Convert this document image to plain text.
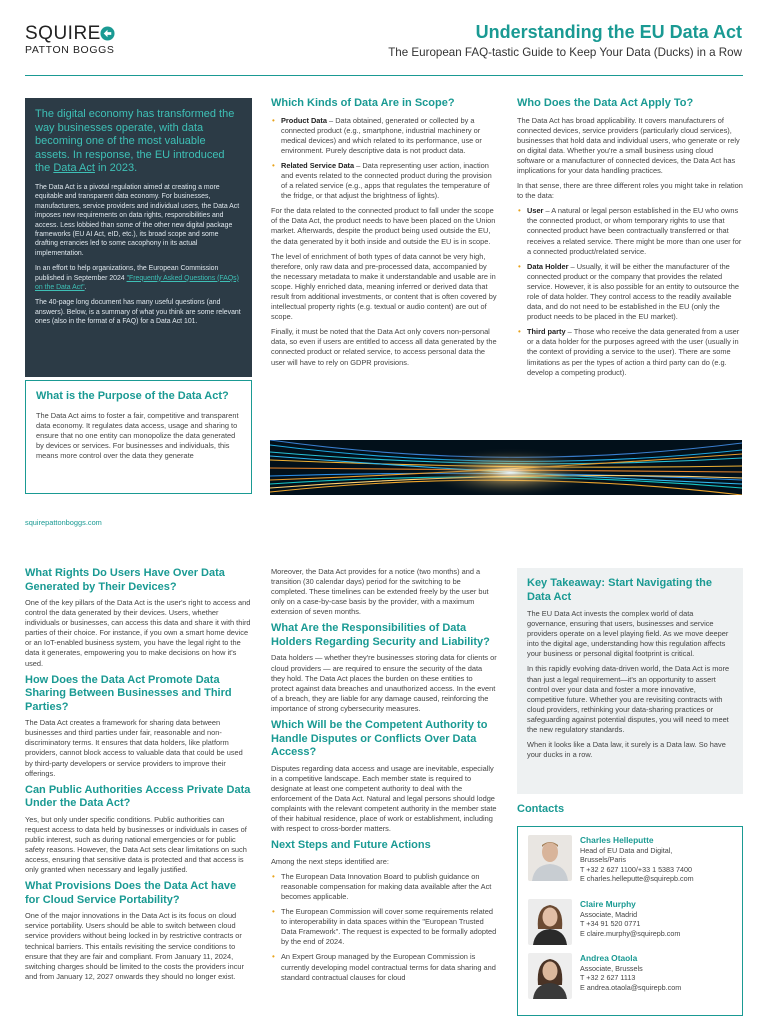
SQUIRE
PATTON BOGGS
Understanding the EU Data Act
The European FAQ-tastic Guide to Keep Your Data (Ducks) in a Row
The digital economy has transformed the way businesses operate, with data becoming one of the most valuable assets. In response, the EU introduced the Data Act in 2023.
The Data Act is a pivotal regulation aimed at creating a more equitable and transparent data economy. For businesses, manufacturers, service providers and individual users, the Data Act imposes new requirements on data rights, responsibilities and access. Less lobbied than some of the other new digital package frameworks (EU AI Act, eID, etc.), its broad scope and some drafting errancies led to some cacophony in its actual implementation.
In an effort to help organizations, the European Commission published in September 2024 "Frequently Asked Questions (FAQs) on the Data Act".
The 40-page long document has many useful questions (and answers). Below, is a summary of what you think are some relevant ones (also in the format of a FAQ) for a Data Act 101.
What is the Purpose of the Data Act?
The Data Act aims to foster a fair, competitive and transparent data economy. It regulates data access, usage and sharing to ensure that no one entity can monopolize the data generated by devices or services. For businesses and individuals, this means more control over the data they generate
squirepattonboggs.com
Which Kinds of Data Are in Scope?
• Product Data – Data obtained, generated or collected by a connected product (e.g., smartphone, industrial machinery or medical devices) and which related to its performance, use or environment. Purely descriptive data is not product data.
• Related Service Data – Data representing user action, inaction and events related to the connected product during the provision of a related service (e.g., apps that regulates the temperature of the fridge, or that adjust the brightness of lights).

For the data related to the connected product to fall under the scope of the Data Act, the product needs to have been placed on the Union market. Afterwards, despite the product being used outside the EU, the data generated by it both inside and outside the EU is in scope.

The level of enrichment of both types of data cannot be very high, therefore, only raw data and pre-processed data, accompanied by the necessary metadata to make it understandable and usable are in scope. Highly enriched data, meaning inferred or derived data that result from additional investments, or content that is often covered by intellectual property rights (e.g. textual or audio content) are out of scope.

Finally, it must be noted that the Data Act only covers non-personal data, so even if users are entitled to access all data generated by the connected product or related service, to access personal data the user will have to rely on GDPR provisions.

Who Does the Data Act Apply To?

The Data Act has broad applicability. It covers manufacturers of connected devices, service providers (particularly cloud services), businesses that hold data and individual users, who generate or rely on digital data. Whether you're a small business using cloud software or a manufacturer of connected devices, the Data Act has implications for your data handling practices.

In that sense, there are three different roles you might take in relation to the data:

• User – A natural or legal person established in the EU who owns the connected product, or whom temporary rights to use that connected product have been contractually transferred or that receives a related service. There might be more than one user for a connected product/related service.
• Data Holder – Usually, it will be either the manufacturer of the connected product or the company that provides the related service. However, it is also possible for an entity to outsource the role of data holder. They control access to the readily available data, and do not need to be established in the EU (only the product needs to be placed in the EU market).
• Third party – Those who receive the data generated from a user or a data holder for the purposes agreed with the user (usually in the context of providing a service to the user). There are some limitations as per the types of action a third party can do (e.g. develop a competing product).
What Rights Do Users Have Over Data Generated by Their Devices?
One of the key pillars of the Data Act is the user's right to access and control the data generated by their devices. Users, whether individuals or businesses, can access this data and share it with third parties of their choice. For instance, if you own a smart home device or an IoT-enabled business system, you have the legal right to the data it generates, empowering you to make decisions on how it's used.
How Does the Data Act Promote Data Sharing Between Businesses and Third Parties?
The Data Act creates a framework for sharing data between businesses and third parties under fair, reasonable and non-discriminatory terms. It ensures that data holders, like platform providers, cannot block access to valuable data that could be used by third-party developers or service providers to improve their offerings.
Can Public Authorities Access Private Data Under the Data Act?
Yes, but only under specific conditions. Public authorities can request access to data held by businesses or individuals in cases of public interest, such as during national emergencies or for public safety reasons. However, the Data Act sets clear limitations on such access, ensuring that sensitive data is protected and that access is only granted when necessary and legally justified.
What Provisions Does the Data Act have for Cloud Service Portability?
One of the major innovations in the Data Act is its focus on cloud service portability. Users should be able to switch between cloud service providers without being locked in by restrictive contracts or technical barriers. This entails revisiting the service conditions to ensure that they are fair and compliant. From January 11, 2024, switching charges should be limited to the costs the providers incur and from January 12, 2027 onwards they should no longer exist.
Moreover, the Data Act provides for a notice (two months) and a transition (30 calendar days) period for the switching to be completed. These timelines can be extended freely by the user but only on a case-by-case basis by the provider, with a maximum extension of seven months.
What Are the Responsibilities of Data Holders Regarding Security and Liability?
Data holders — whether they're businesses storing data for clients or cloud providers — are required to ensure the security of the data they hold. The Data Act places the burden on these entities to protect against data breaches and unauthorized access. In the event of a breach, they are liable for any damage caused, reinforcing the importance of strong cybersecurity measures.
Which Will be the Competent Authority to Handle Disputes or Conflicts Over Data Access?
Disputes regarding data access and usage are inevitable, especially in a competitive landscape. Each member state is required to designate at least one competent authority to deal with the enforcement of the Data Act. Natural and legal persons should lodge complaints with the relevant competent authority in the member state of their habitual residence, place of work or establishment, including with respect to cross-border matters.
Next Steps and Future Actions
Among the next steps identified are:
• The European Data Innovation Board to publish guidance on reasonable compensation for making data available after the Act becomes applicable.
• The European Commission will cover some requirements related to interoperability in data spaces within the "European Trusted Data Framework". The request is expected to be formally adopted by the end of 2024.
• An Expert Group managed by the European Commission is currently developing model contractual terms for data sharing and standard contractual clauses for cloud
Key Takeaway: Start Navigating the Data Act

The EU Data Act invests the complex world of data governance, ensuring that users, businesses and service providers operate on a level playing field. As we move deeper into the digital age, understanding how this regulation affects your business or personal digital footprint is critical.

In this rapidly evolving data-driven world, the Data Act is more than just a legal requirement—it's an opportunity to assert control over your data and foster a more innovative, competitive future. Whether you are revisiting contracts with cloud providers, rethinking your data-sharing practices or safeguarding against potential disputes, you will need to meet the new regulatory standards.

When it looks like a Data law, it surely is a Data law. So have your ducks in a row.

Contacts
Charles Helleputte
Head of EU Data and Digital,
Brussels/Paris
T +32 2 627 1100/+33 1 5383 7400
E charles.helleputte@squirepb.com
Claire Murphy
Associate, Madrid
T +34 91 520 0771
E claire.murphy@squirepb.com
Andrea Otaola
Associate, Brussels
T +32 2 627 1113
E andrea.otaola@squirepb.com
